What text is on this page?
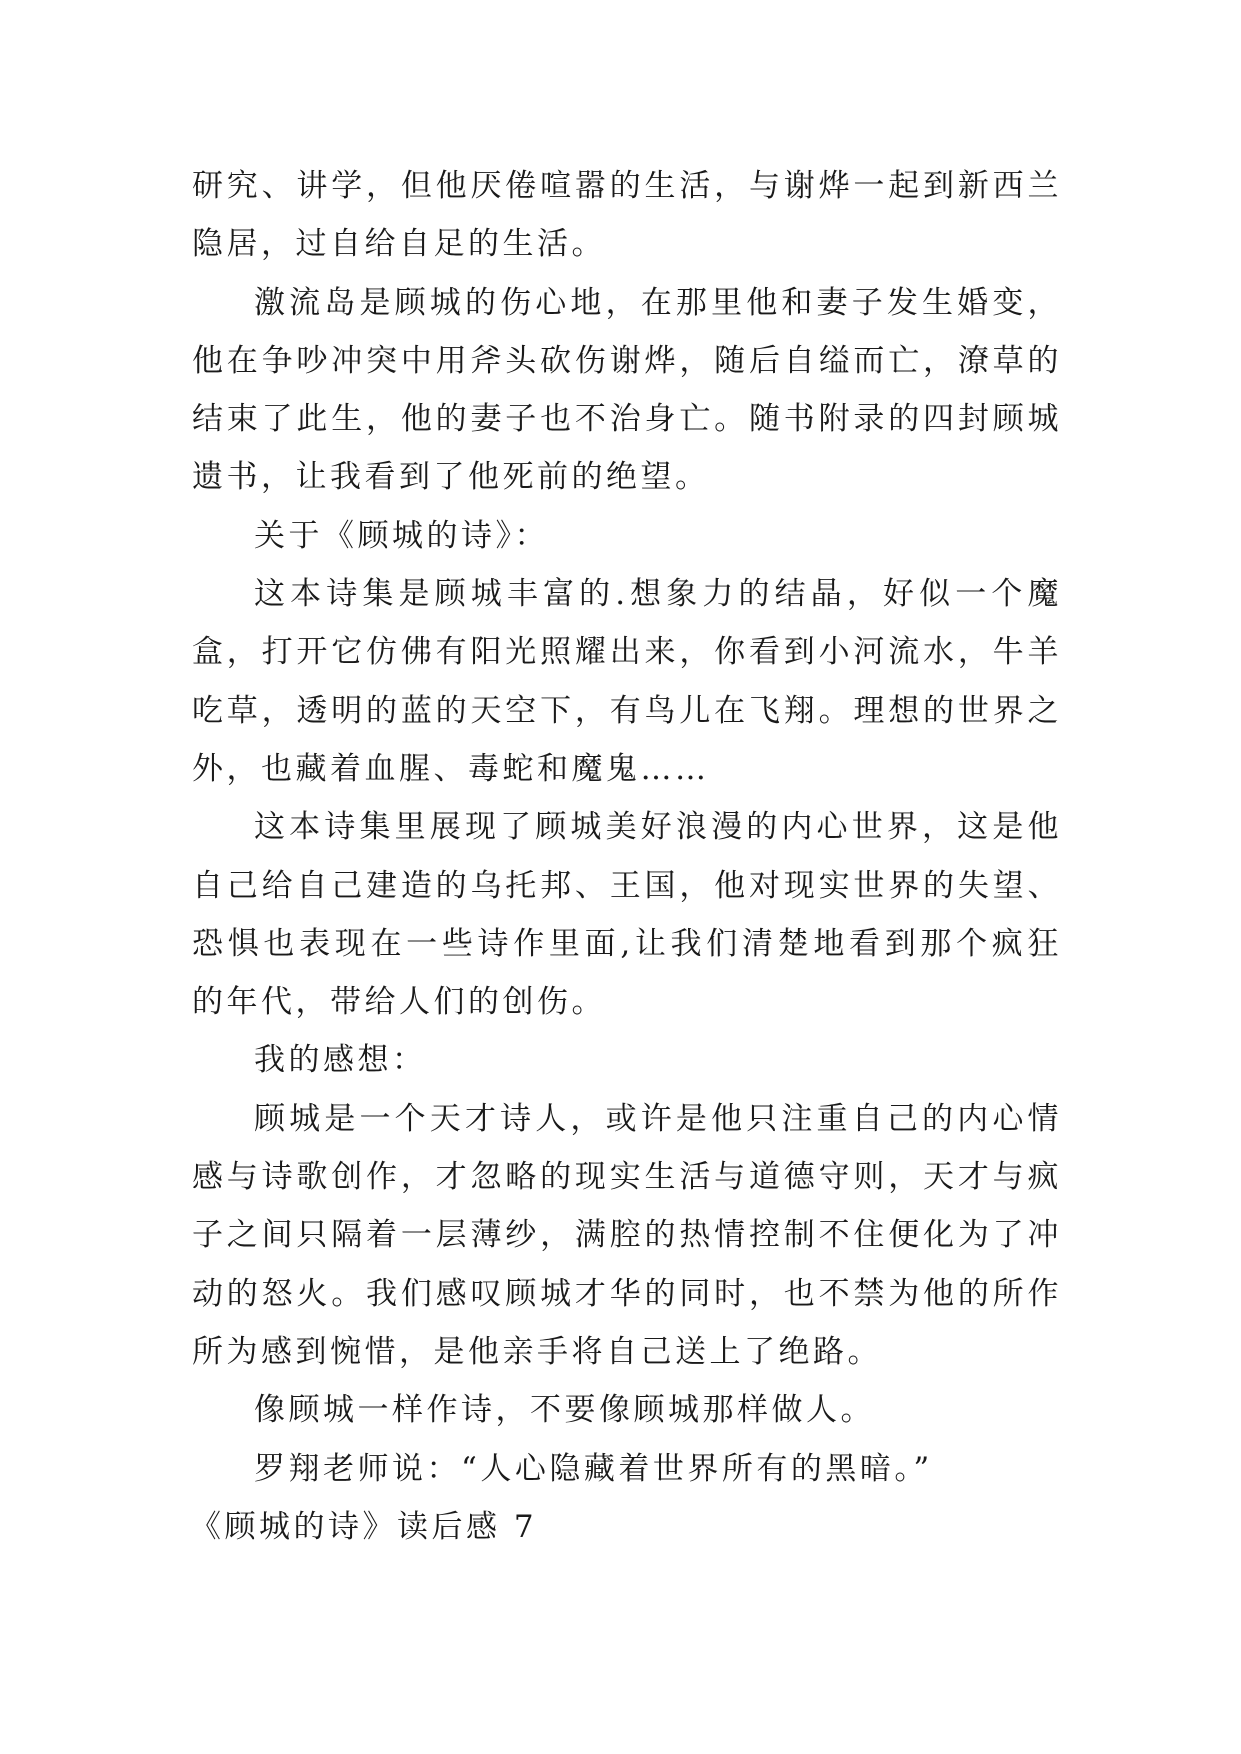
研究、讲学，但他厌倦喧嚣的生活，与谢烨一起到新西兰隐居，过自给自足的生活。

激流岛是顾城的伤心地，在那里他和妻子发生婚变，他在争吵冲突中用斧头砍伤谢烨，随后自缢而亡，潦草的结束了此生，他的妻子也不治身亡。随书附录的四封顾城遗书，让我看到了他死前的绝望。

关于《顾城的诗》：

这本诗集是顾城丰富的.想象力的结晶，好似一个魔盒，打开它仿佛有阳光照耀出来，你看到小河流水，牛羊吃草，透明的蓝的天空下，有鸟儿在飞翔。理想的世界之外，也藏着血腥、毒蛇和魔鬼……

这本诗集里展现了顾城美好浪漫的内心世界，这是他自己给自己建造的乌托邦、王国，他对现实世界的失望、恐惧也表现在一些诗作里面,让我们清楚地看到那个疯狂的年代，带给人们的创伤。

我的感想：

顾城是一个天才诗人，或许是他只注重自己的内心情感与诗歌创作，才忽略的现实生活与道德守则，天才与疯子之间只隔着一层薄纱，满腔的热情控制不住便化为了冲动的怒火。我们感叹顾城才华的同时，也不禁为他的所作所为感到惋惜，是他亲手将自己送上了绝路。

像顾城一样作诗，不要像顾城那样做人。

罗翔老师说：“人心隐藏着世界所有的黑暗。”

《顾城的诗》读后感 7
